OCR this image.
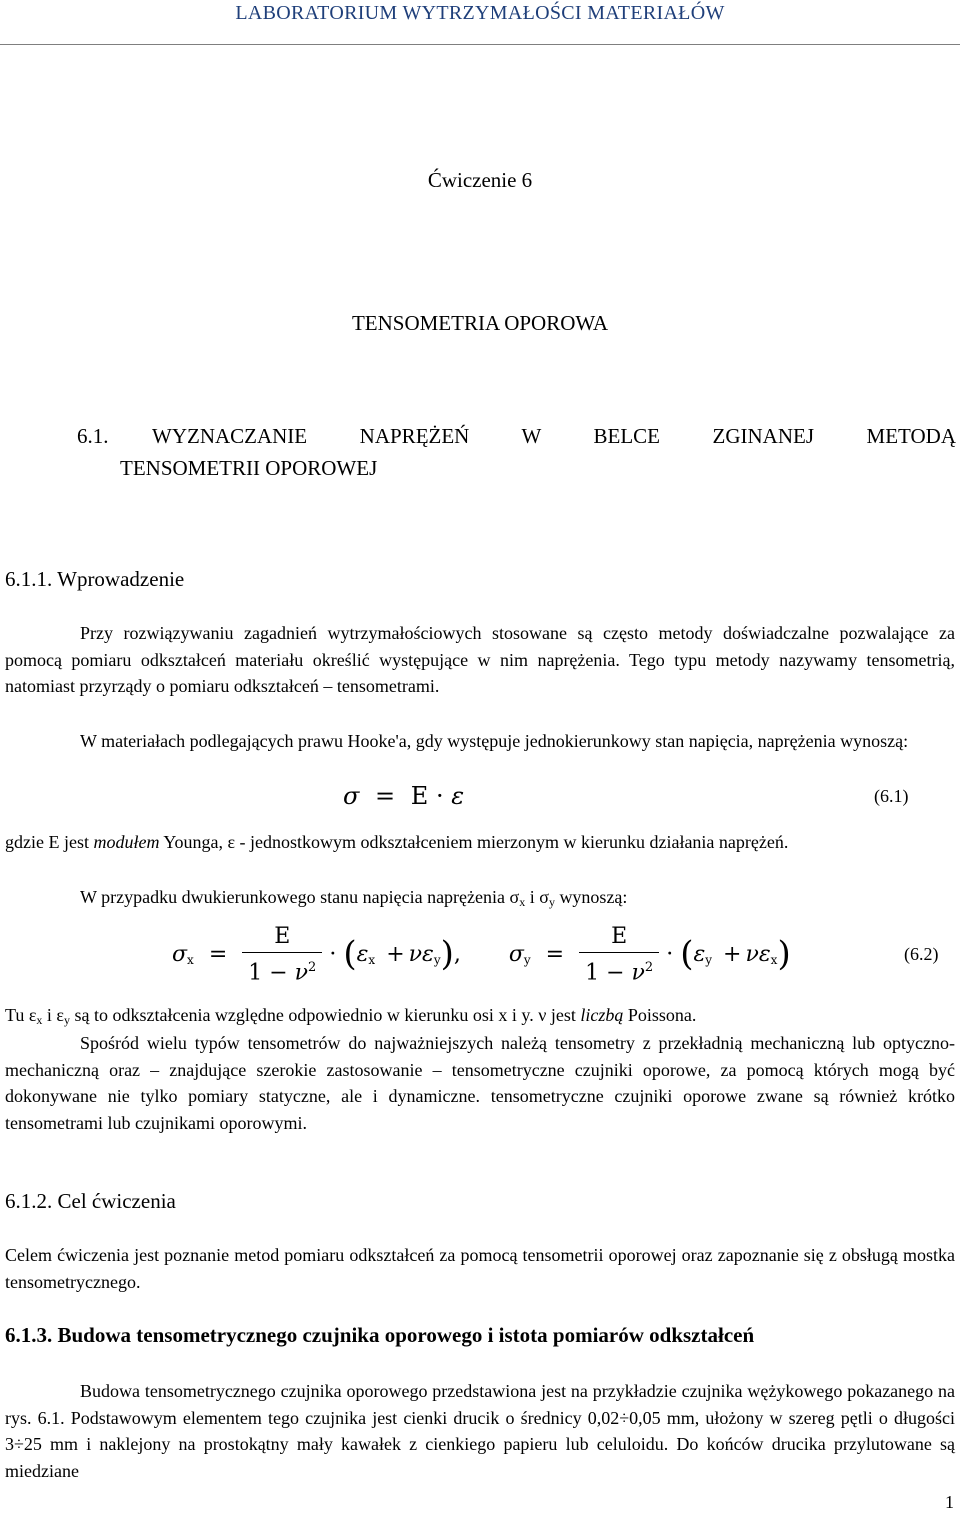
LABORATORIUM WYTRZYMAŁOŚCI MATERIAŁÓW
Ćwiczenie 6
TENSOMETRIA OPOROWA
6.1. WYZNACZANIE NAPRĘŻEŃ W BELCE ZGINANEJ METODĄ
TENSOMETRII OPOROWEJ
6.1.1. Wprowadzenie
Przy rozwiązywaniu zagadnień wytrzymałościowych stosowane są często metody doświadczalne pozwalające za pomocą pomiaru odkształceń materiału określić występujące w nim naprężenia. Tego typu metody nazywamy tensometrią, natomiast przyrządy o pomiaru odkształceń – tensometrami.
W materiałach podlegających prawu Hooke'a, gdy występuje jednokierunkowy stan napięcia, naprężenia wynoszą:
σ = E · ε	(6.1)
gdzie E jest modułem Younga, ε - jednostkowym odkształceniem mierzonym w kierunku działania naprężeń.
W przypadku dwukierunkowego stanu napięcia naprężenia $\sigma_x$ i $\sigma_y$ wynoszą:
$\sigma_x = \frac{E}{1 - \nu^2} \cdot (\varepsilon_x + \nu\varepsilon_y)$, $\sigma_y = \frac{E}{1 - \nu^2} \cdot (\varepsilon_y + \nu\varepsilon_x)$	(6.2)
Tu $\varepsilon_x$ i $\varepsilon_y$ są to odkształcenia względne odpowiednio w kierunku osi x i y. ν jest liczbą Poissona.
Spośród wielu typów tensometrów do najważniejszych należą tensometry z przekładnią mechaniczną lub optyczno-mechaniczną oraz – znajdujące szerokie zastosowanie – tensometryczne czujniki oporowe, za pomocą których mogą być dokonywane nie tylko pomiary statyczne, ale i dynamiczne. tensometryczne czujniki oporowe zwane są również krótko tensometrami lub czujnikami oporowymi.
6.1.2. Cel ćwiczenia
Celem ćwiczenia jest poznanie metod pomiaru odkształceń za pomocą tensometrii oporowej oraz zapoznanie się z obsługą mostka tensometrycznego.
6.1.3. Budowa tensometrycznego czujnika oporowego i istota pomiarów odkształceń
Budowa tensometrycznego czujnika oporowego przedstawiona jest na przykładzie czujnika wężykowego pokazanego na rys. 6.1. Podstawowym elementem tego czujnika jest cienki drucik o średnicy 0,02÷0,05 mm, ułożony w szereg pętli o długości 3÷25 mm i naklejony na prostokątny mały kawałek z cienkiego papieru lub celuloidu. Do końców drucika przylutowane są miedziane
1
